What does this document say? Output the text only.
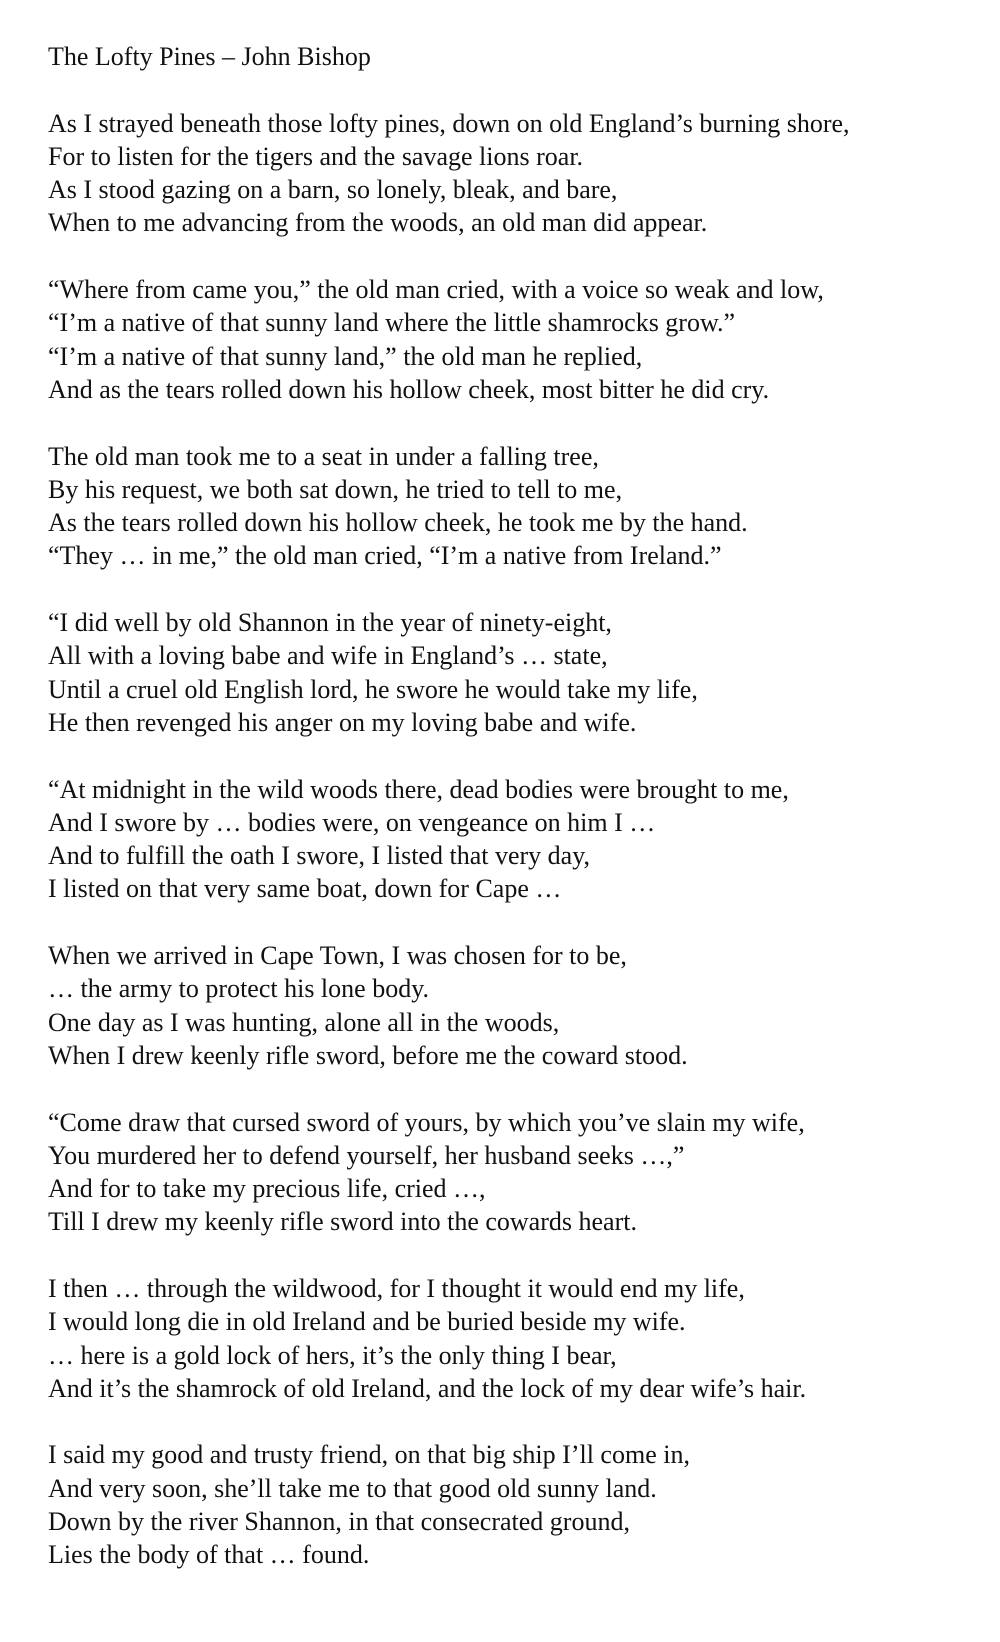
The Lofty Pines – John Bishop
As I strayed beneath those lofty pines, down on old England’s burning shore,
For to listen for the tigers and the savage lions roar.
As I stood gazing on a barn, so lonely, bleak, and bare,
When to me advancing from the woods, an old man did appear.
“Where from came you,” the old man cried, with a voice so weak and low,
“I’m a native of that sunny land where the little shamrocks grow.”
“I’m a native of that sunny land,” the old man he replied,
And as the tears rolled down his hollow cheek, most bitter he did cry.
The old man took me to a seat in under a falling tree,
By his request, we both sat down, he tried to tell to me,
As the tears rolled down his hollow cheek, he took me by the hand.
“They … in me,” the old man cried, “I’m a native from Ireland.”
“I did well by old Shannon in the year of ninety-eight,
All with a loving babe and wife in England’s … state,
Until a cruel old English lord, he swore he would take my life,
He then revenged his anger on my loving babe and wife.
“At midnight in the wild woods there, dead bodies were brought to me,
And I swore by … bodies were, on vengeance on him I …
And to fulfill the oath I swore, I listed that very day,
I listed on that very same boat, down for Cape …
When we arrived in Cape Town, I was chosen for to be,
… the army to protect his lone body.
One day as I was hunting, alone all in the woods,
When I drew keenly rifle sword, before me the coward stood.
“Come draw that cursed sword of yours, by which you’ve slain my wife,
You murdered her to defend yourself, her husband seeks …,”
And for to take my precious life, cried …,
Till I drew my keenly rifle sword into the cowards heart.
I then … through the wildwood, for I thought it would end my life,
I would long die in old Ireland and be buried beside my wife.
… here is a gold lock of hers, it’s the only thing I bear,
And it’s the shamrock of old Ireland, and the lock of my dear wife’s hair.
I said my good and trusty friend, on that big ship I’ll come in,
And very soon, she’ll take me to that good old sunny land.
Down by the river Shannon, in that consecrated ground,
Lies the body of that … found.
